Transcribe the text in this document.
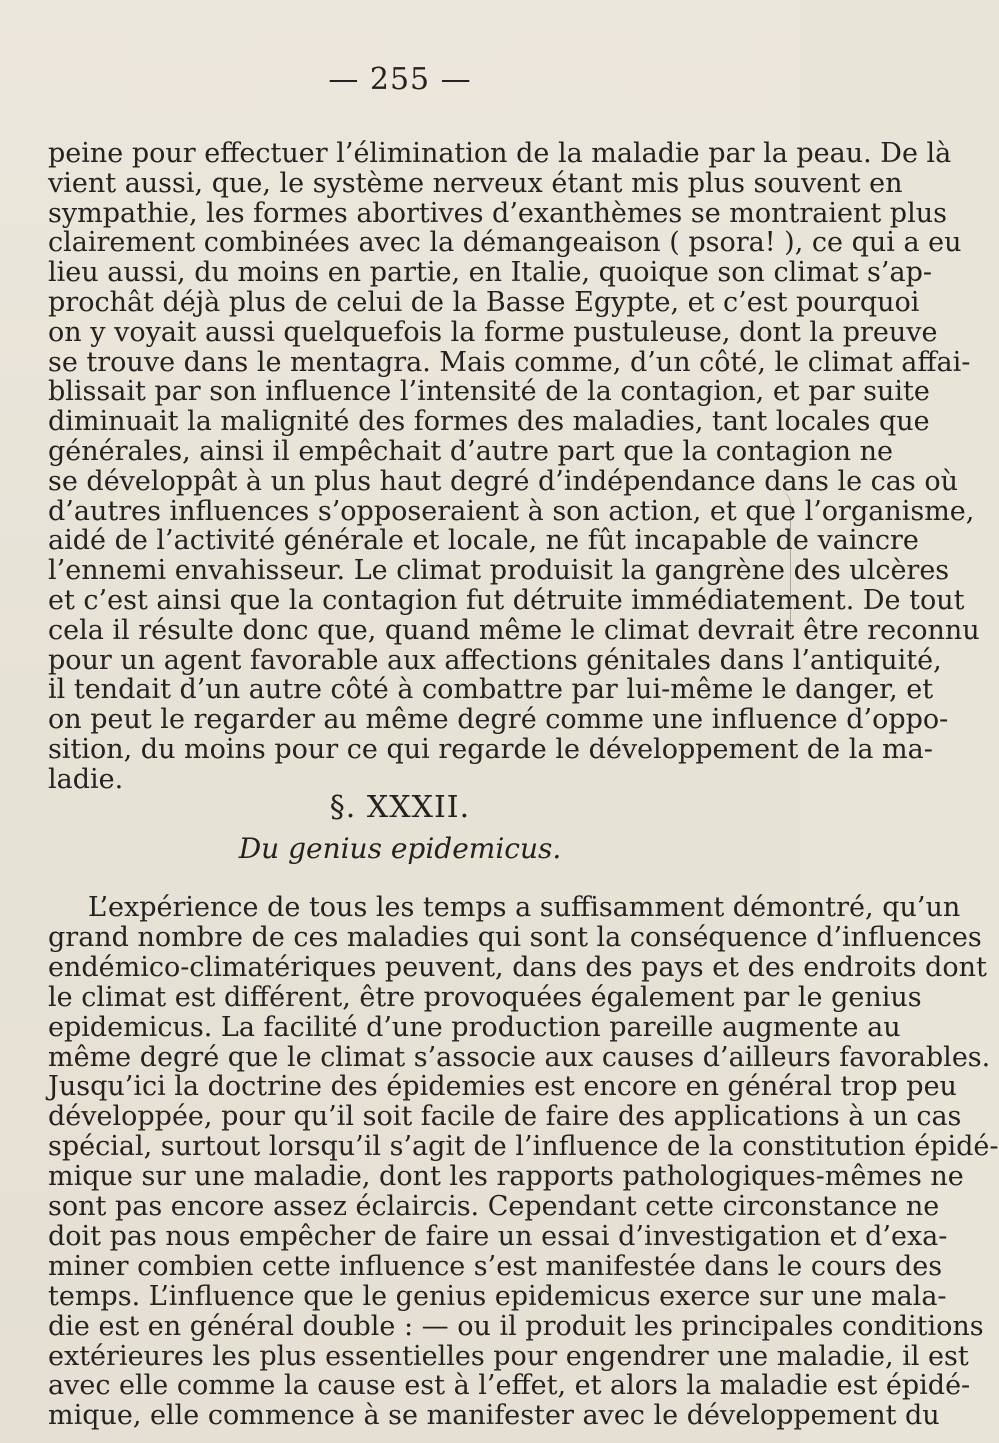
— 255 —
peine pour effectuer l’élimination de la maladie par la peau. De là
vient aussi, que, le système nerveux étant mis plus souvent en
sympathie, les formes abortives d’exanthèmes se montraient plus
clairement combinées avec la démangeaison ( psora! ), ce qui a eu
lieu aussi, du moins en partie, en Italie, quoique son climat s’ap-
prochât déjà plus de celui de la Basse Egypte, et c’est pourquoi
on y voyait aussi quelquefois la forme pustuleuse, dont la preuve
se trouve dans le mentagra. Mais comme, d’un côté, le climat affai-
blissait par son influence l’intensité de la contagion, et par suite
diminuait la malignité des formes des maladies, tant locales que
générales, ainsi il empêchait d’autre part que la contagion ne
se développât à un plus haut degré d’indépendance dans le cas où
d’autres influences s’opposeraient à son action, et que l’organisme,
aidé de l’activité générale et locale, ne fût incapable de vaincre
l’ennemi envahisseur. Le climat produisit la gangrène des ulcères
et c’est ainsi que la contagion fut détruite immédiatement. De tout
cela il résulte donc que, quand même le climat devrait être reconnu
pour un agent favorable aux affections génitales dans l’antiquité,
il tendait d’un autre côté à combattre par lui-même le danger, et
on peut le regarder au même degré comme une influence d’oppo-
sition, du moins pour ce qui regarde le développement de la ma-
ladie.
§. XXXII.
Du genius epidemicus.
L’expérience de tous les temps a suffisamment démontré, qu’un
grand nombre de ces maladies qui sont la conséquence d’influences
endémico-climatériques peuvent, dans des pays et des endroits dont
le climat est différent, être provoquées également par le genius
epidemicus. La facilité d’une production pareille augmente au
même degré que le climat s’associe aux causes d’ailleurs favorables.
Jusqu’ici la doctrine des épidemies est encore en général trop peu
développée, pour qu’il soit facile de faire des applications à un cas
spécial, surtout lorsqu’il s’agit de l’influence de la constitution épidé-
mique sur une maladie, dont les rapports pathologiques-mêmes ne
sont pas encore assez éclaircis. Cependant cette circonstance ne
doit pas nous empêcher de faire un essai d’investigation et d’exa-
miner combien cette influence s’est manifestée dans le cours des
temps. L’influence que le genius epidemicus exerce sur une mala-
die est en général double : — ou il produit les principales conditions
extérieures les plus essentielles pour engendrer une maladie, il est
avec elle comme la cause est à l’effet, et alors la maladie est épidé-
mique, elle commence à se manifester avec le développement du
